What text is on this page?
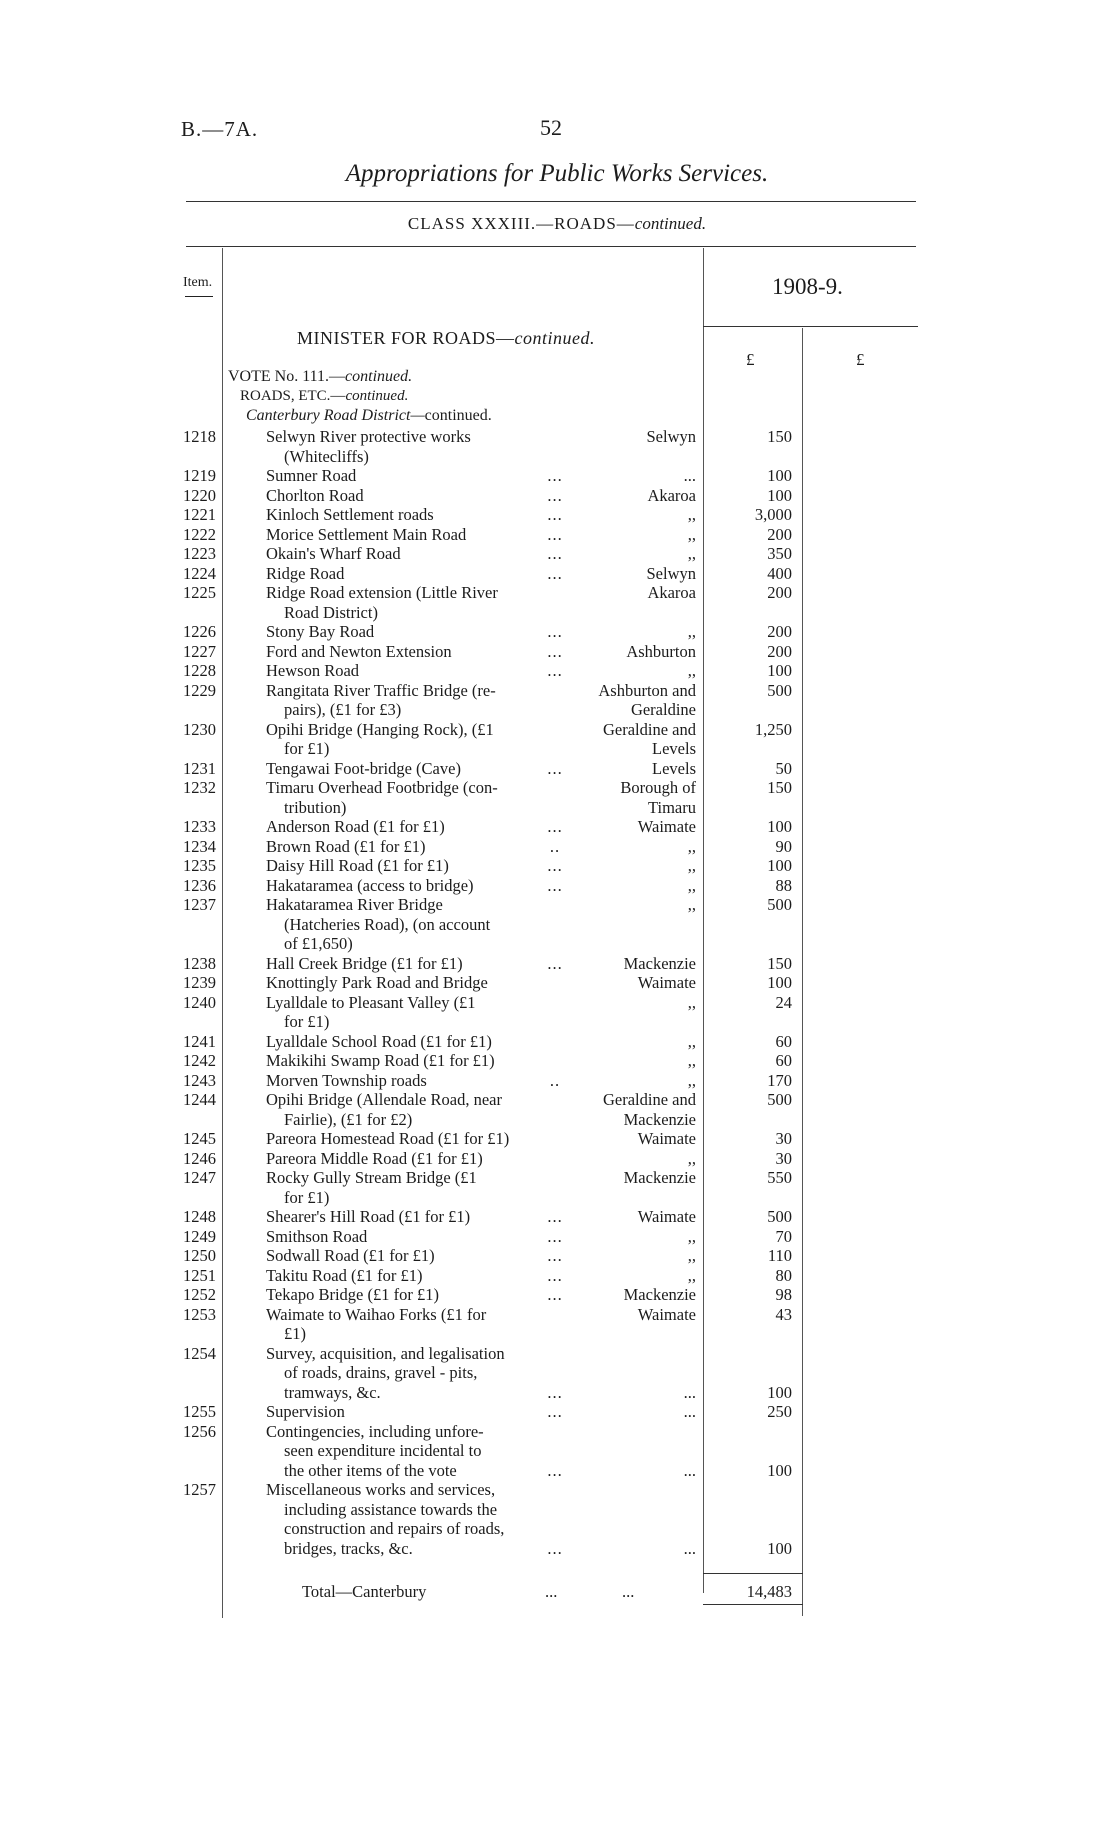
B.—7A.	52
Appropriations for Public Works Services.
CLASS XXXIII.—ROADS—continued.
Item.	1908-9.
£	£
MINISTER FOR ROADS—continued.
VOTE No. 111.—continued.
ROADS, ETC.—continued.
Canterbury Road District—continued.
1218	Selwyn River protective works
(Whitecliffs)
Selwyn	150
1219	Sumner Road	...	...	100
1220	Chorlton Road	...	Akaroa	100
1221	Kinloch Settlement roads	...	,,	3,000
1222	Morice Settlement Main Road	...	,,	200
1223	Okain's Wharf Road	...	,,	350
1224	Ridge Road	...	Selwyn	400
1225	Ridge Road extension (Little River
Road District)
Akaroa	200
1226	Stony Bay Road	...	,,	200
1227	Ford and Newton Extension	...	Ashburton	200
1228	Hewson Road	...	,,	100
1229	Rangitata River Traffic Bridge (re-
pairs), (£1 for £3)
Ashburton and
Geraldine
500
1230	Opihi Bridge (Hanging Rock), (£1
for £1)
Geraldine and
Levels
1,250
1231	Tengawai Foot-bridge (Cave)	...	Levels	50
1232	Timaru Overhead Footbridge (con-
tribution)
Borough of
Timaru
150
1233	Anderson Road (£1 for £1)	...	Waimate	100
1234	Brown Road (£1 for £1)	..	,,	90
1235	Daisy Hill Road (£1 for £1)	...	,,	100
1236	Hakataramea (access to bridge)	...	,,	88
1237	Hakataramea River Bridge
(Hatcheries Road), (on account
of £1,650)
,,	500
1238	Hall Creek Bridge (£1 for £1)	...	Mackenzie	150
1239	Knottingly Park Road and Bridge	Waimate	100
1240	Lyalldale to Pleasant Valley (£1
for £1)
,,	24
1241	Lyalldale School Road (£1 for £1)	,,	60
1242	Makikihi Swamp Road (£1 for £1)	,,	60
1243	Morven Township roads	..	,,	170
1244	Opihi Bridge (Allendale Road, near
Fairlie), (£1 for £2)
Geraldine and
Mackenzie
500
1245	Pareora Homestead Road (£1 for £1)	Waimate	30
1246	Pareora Middle Road (£1 for £1)	,,	30
1247	Rocky Gully Stream Bridge (£1
for £1)
Mackenzie	550
1248	Shearer's Hill Road (£1 for £1)	...	Waimate	500
1249	Smithson Road	...	,,	70
1250	Sodwall Road (£1 for £1)	...	,,	110
1251	Takitu Road (£1 for £1)	...	,,	80
1252	Tekapo Bridge (£1 for £1)	...	Mackenzie	98
1253	Waimate to Waihao Forks (£1 for
£1)
Waimate	43
1254	Survey, acquisition, and legalisation
of roads, drains, gravel - pits,
tramways, &c.	...	...	100
1255	Supervision	...	...	250
1256	Contingencies, including unfore-
seen expenditure incidental to
the other items of the vote	...	...	100
1257	Miscellaneous works and services,
including assistance towards the
construction and repairs of roads,
bridges, tracks, &c.	...	...	100
Total—Canterbury	...	...	14,483
